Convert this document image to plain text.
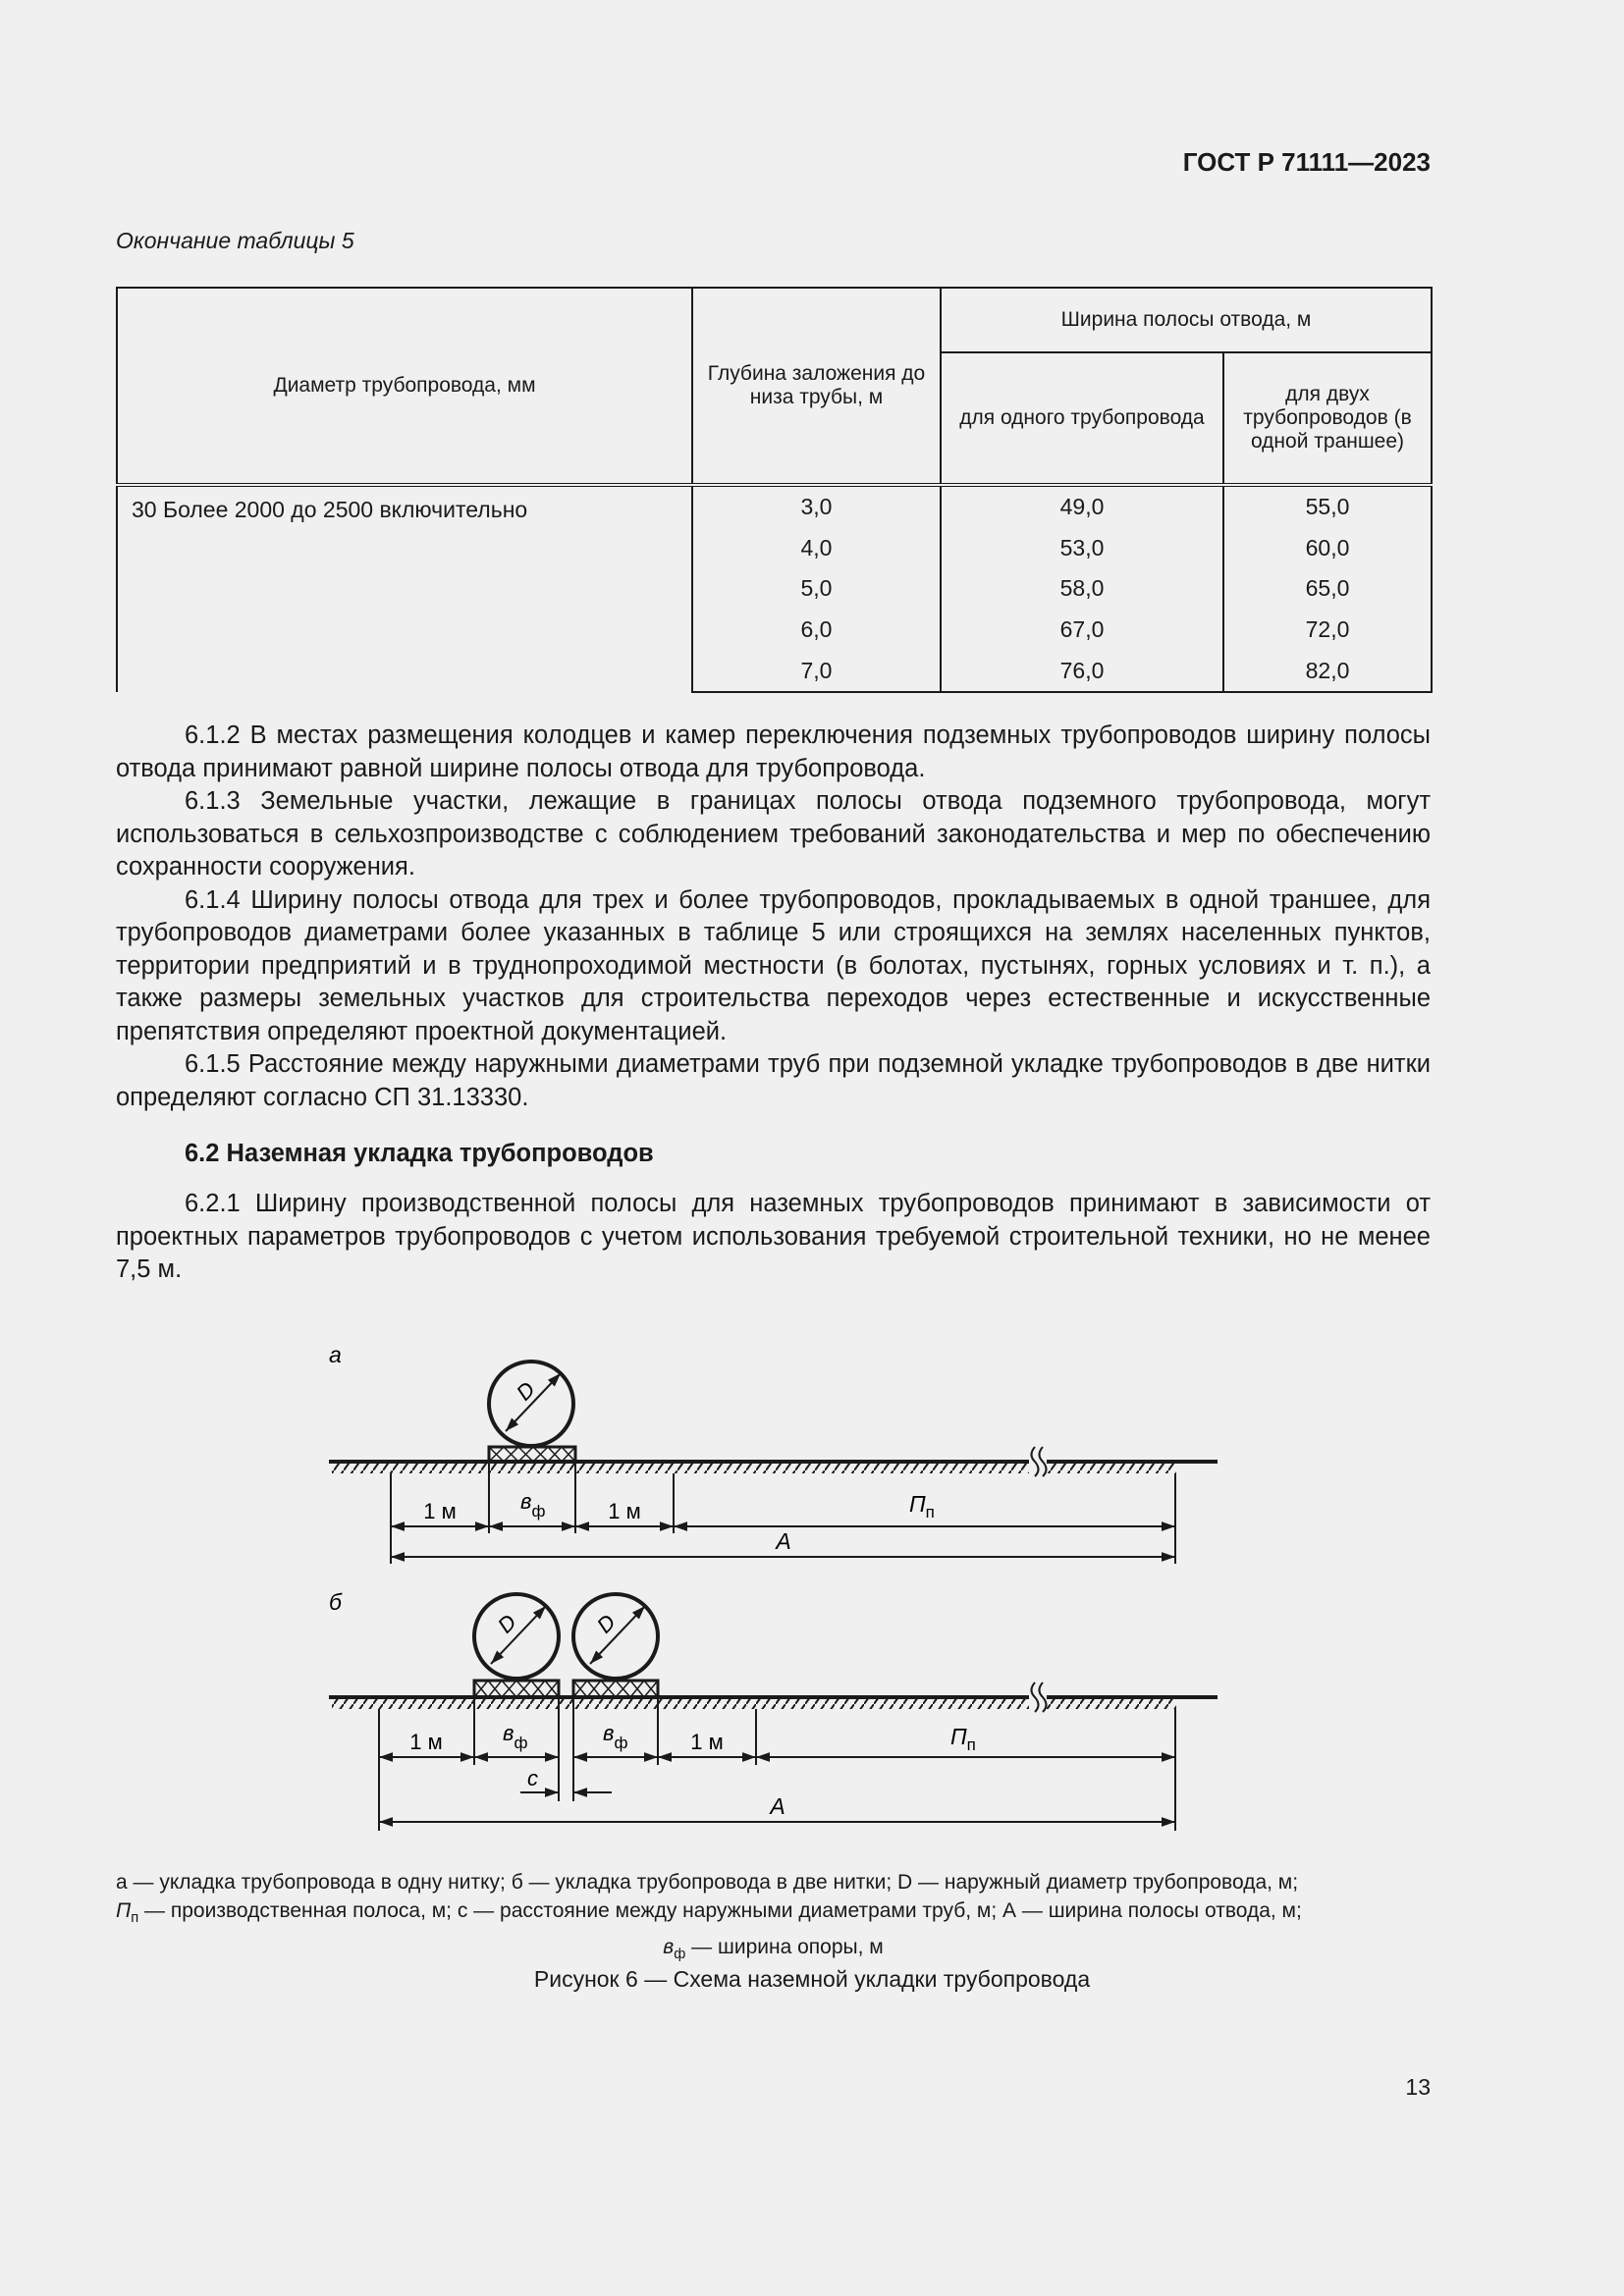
ГОСТ Р 71111—2023
Окончание таблицы 5
Диаметр трубопровода, мм	Глубина заложения до низа трубы, м	Ширина полосы отвода, м	
		для одного трубопровода	для двух трубопроводов (в одной траншее)
30 Более 2000 до 2500 включительно	3,0	49,0	55,0
	4,0	53,0	60,0
	5,0	58,0	65,0
	6,0	67,0	72,0
	7,0	76,0	82,0

6.1.2 В местах размещения колодцев и камер переключения подземных трубопроводов ширину полосы отвода принимают равной ширине полосы отвода для трубопровода.

6.1.3 Земельные участки, лежащие в границах полосы отвода подземного трубопровода, могут использоваться в сельхозпроизводстве с соблюдением требований законодательства и мер по обеспечению сохранности сооружения.

6.1.4 Ширину полосы отвода для трех и более трубопроводов, прокладываемых в одной траншее, для трубопроводов диаметрами более указанных в таблице 5 или строящихся на землях населенных пунктов, территории предприятий и в труднопроходимой местности (в болотах, пустынях, горных условиях и т. п.), а также размеры земельных участков для строительства переходов через естественные и искусственные препятствия определяют проектной документацией.

6.1.5 Расстояние между наружными диаметрами труб при подземной укладке трубопроводов в две нитки определяют согласно СП 31.13330.

6.2 Наземная укладка трубопроводов

6.2.1 Ширину производственной полосы для наземных трубопроводов принимают в зависимости от проектных параметров трубопроводов с учетом использования требуемой строительной техники, но не менее 7,5 м.

а
D
1 м	$в_ф$	1 м	$П_п$
А
б
D	D
1 м	$в_ф$	$в_ф$	1 м	$П_п$
с
А
а — укладка трубопровода в одну нитку; б — укладка трубопровода в две нитки; D — наружный диаметр трубопровода, м;
$П_п$ — производственная полоса, м; с — расстояние между наружными диаметрами труб, м; А — ширина полосы отвода, м;
$в_ф$ — ширина опоры, м
Рисунок 6 — Схема наземной укладки трубопровода
13
